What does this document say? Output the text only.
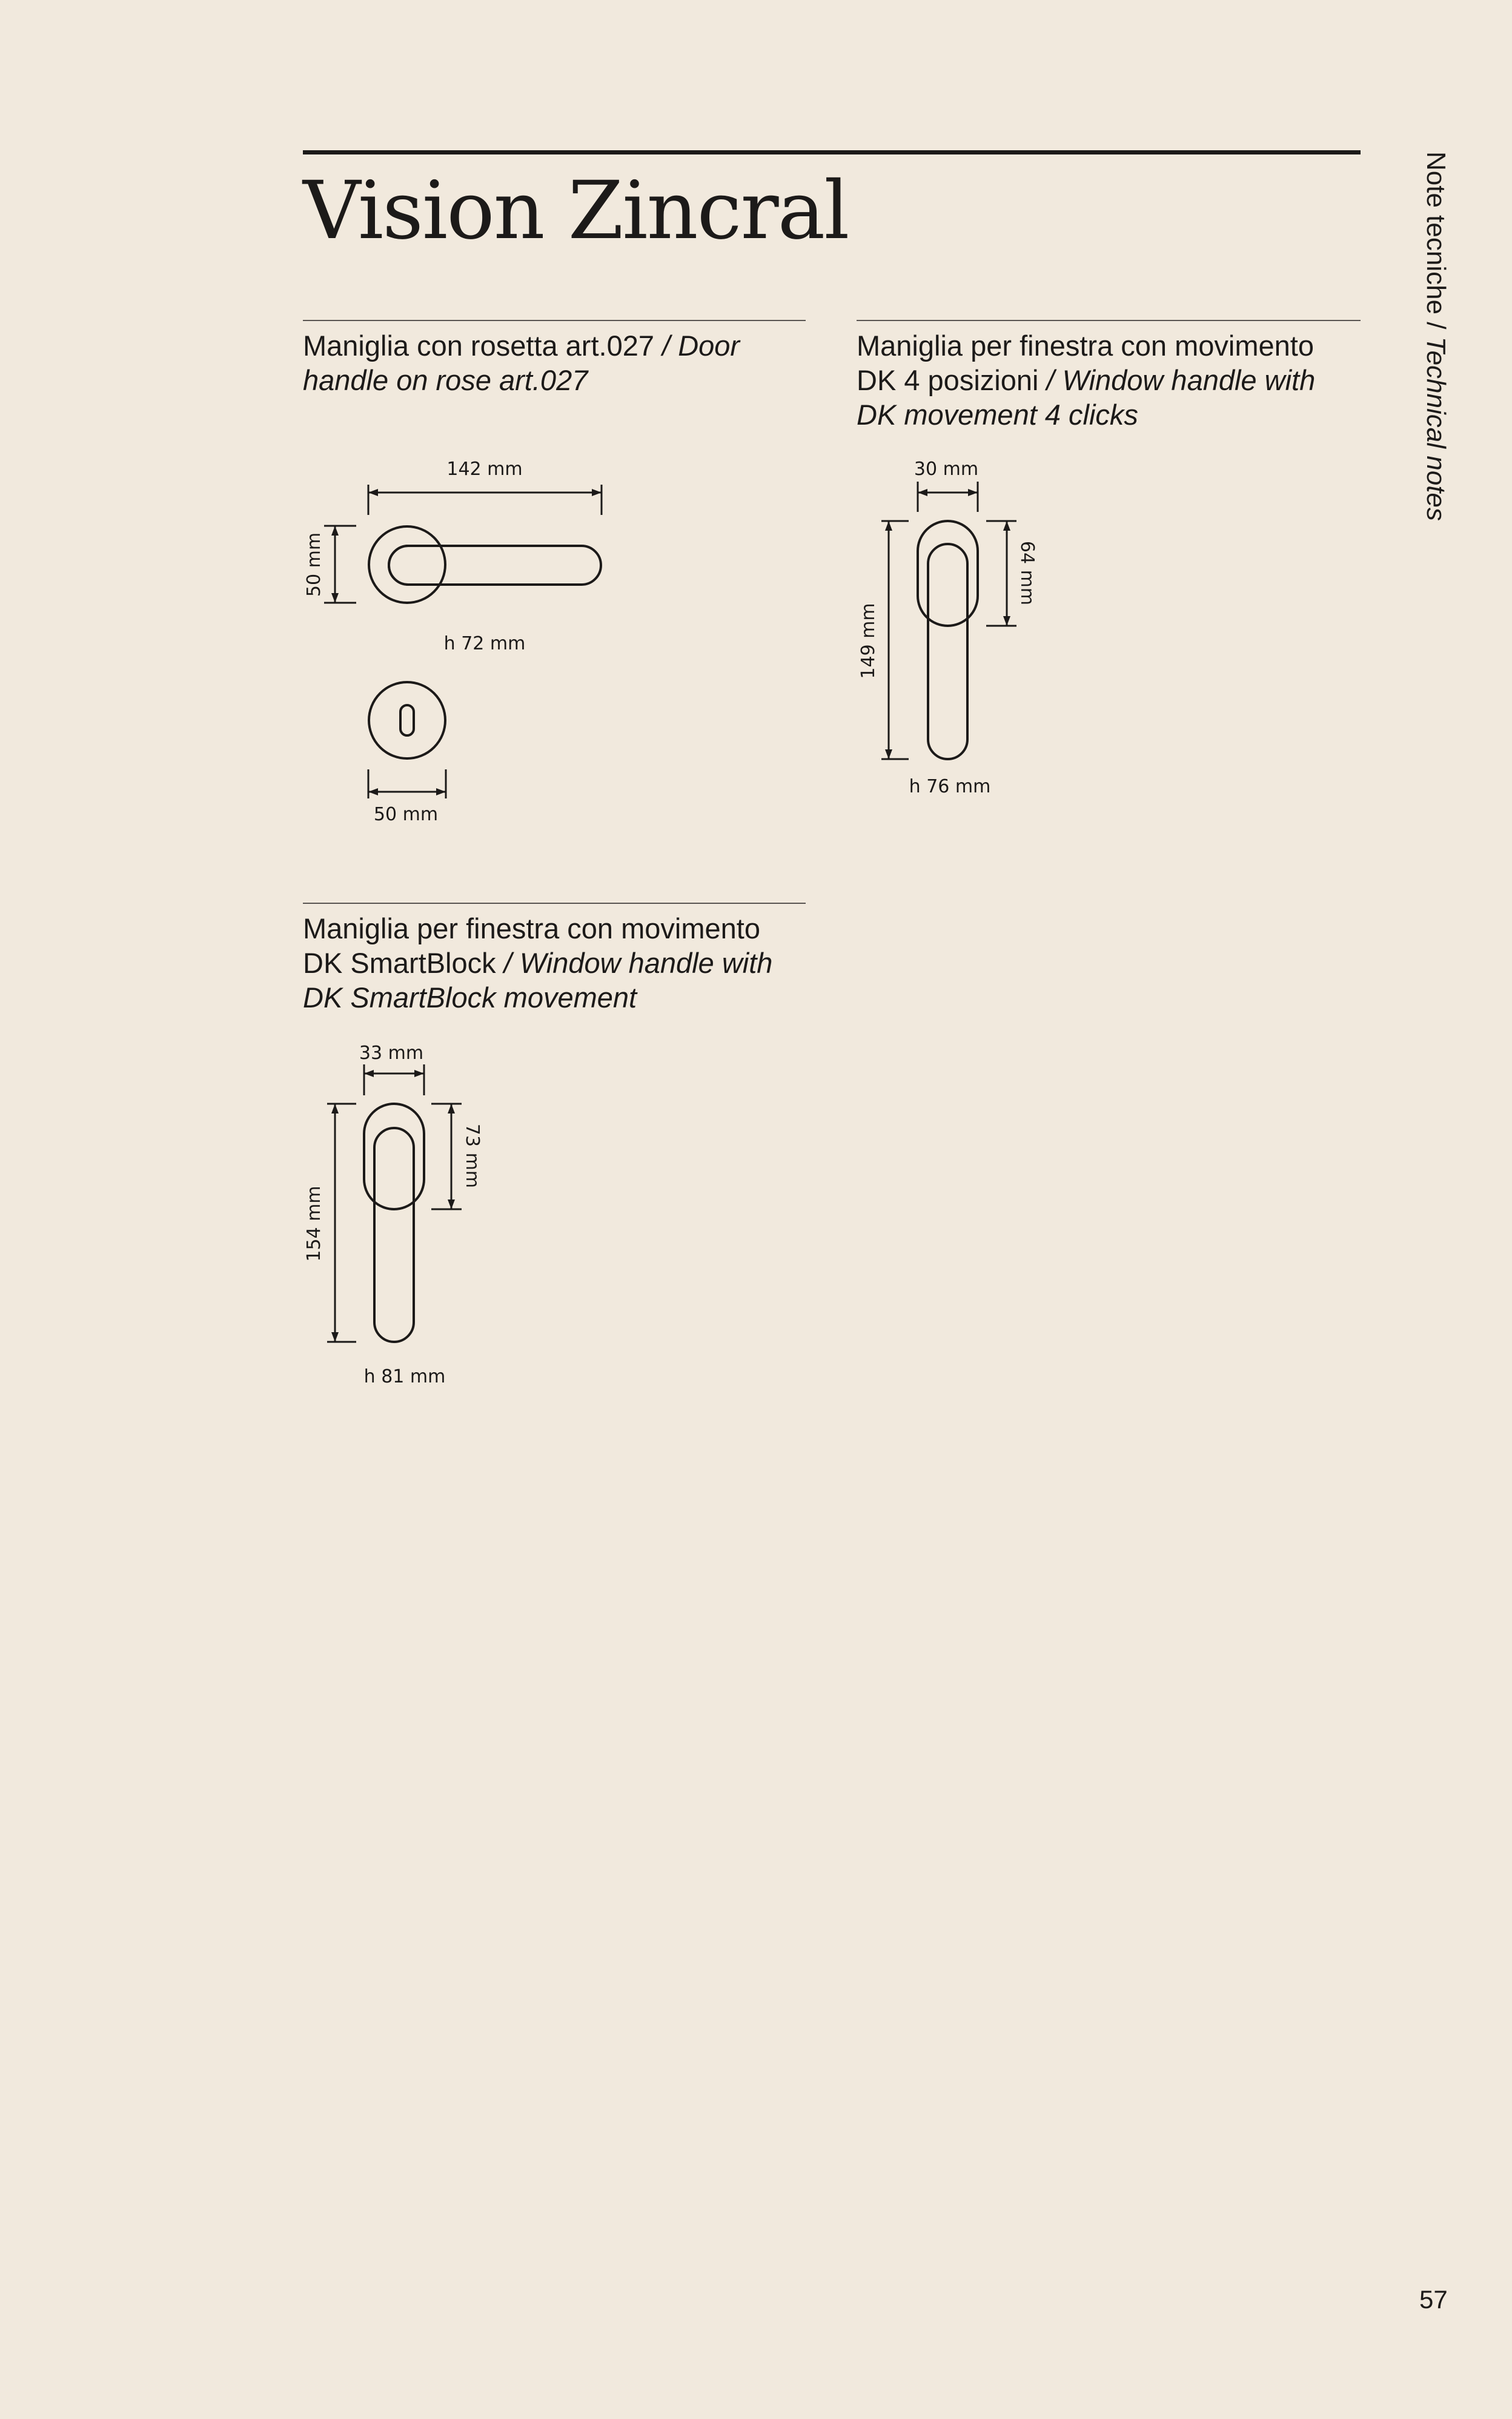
Vision Zincral	Note tecniche / Technical notes
Maniglia con rosetta art.027 / Door handle on rose art.027
142 mm
50 mm
h 72 mm
50 mm
Maniglia per finestra con movimento DK 4 posizioni / Window handle with DK movement 4 clicks
30 mm
149 mm
64 mm
h 76 mm
Maniglia per finestra con movimento DK SmartBlock / Window handle with DK SmartBlock movement
33 mm
154 mm
73 mm
h 81 mm
57
